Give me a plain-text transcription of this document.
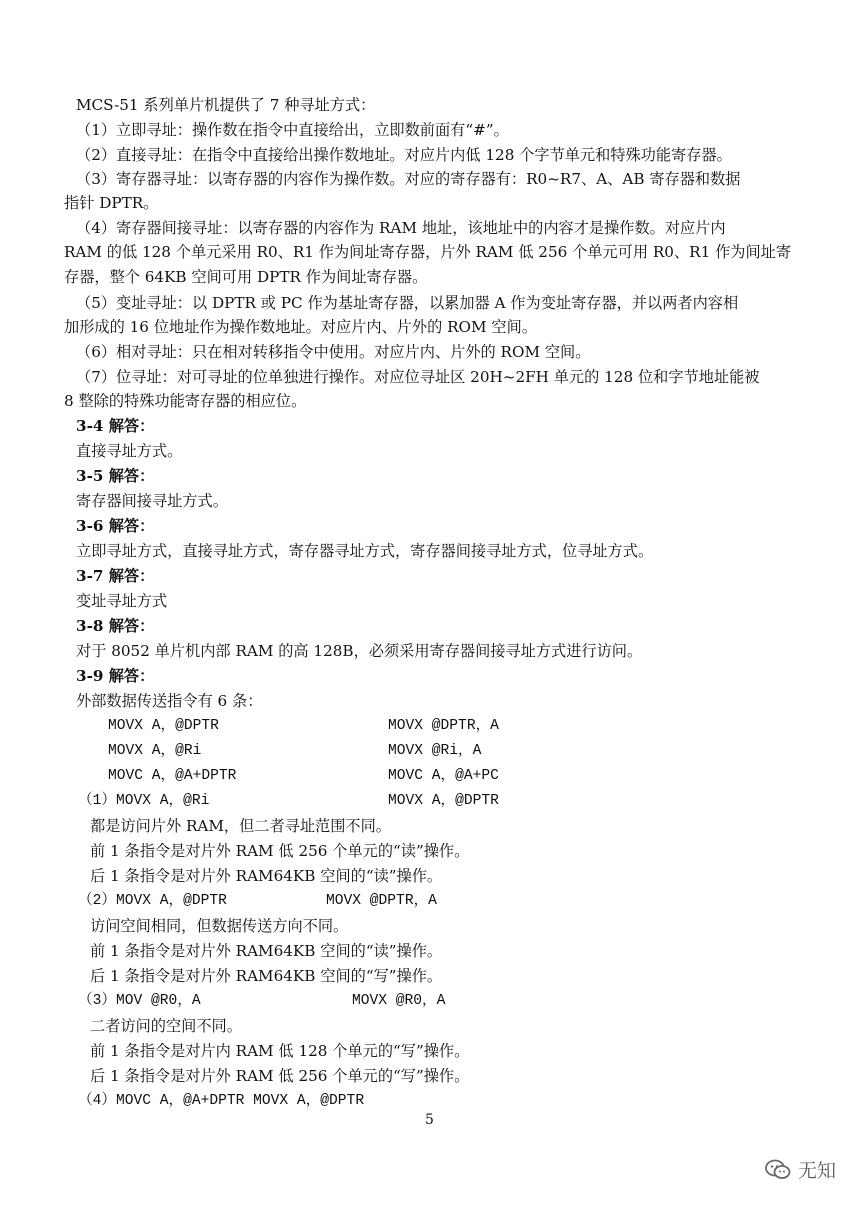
MCS-51 系列单片机提供了 7 种寻址方式：
（1）立即寻址：操作数在指令中直接给出，立即数前面有“#”。
（2）直接寻址：在指令中直接给出操作数地址。对应片内低 128 个字节单元和特殊功能寄存器。
（3）寄存器寻址：以寄存器的内容作为操作数。对应的寄存器有：R0~R7、A、AB 寄存器和数据
指针 DPTR。
（4）寄存器间接寻址：以寄存器的内容作为 RAM 地址，该地址中的内容才是操作数。对应片内
RAM 的低 128 个单元采用 R0、R1 作为间址寄存器，片外 RAM 低 256 个单元可用 R0、R1 作为间址寄
存器，整个 64KB 空间可用 DPTR 作为间址寄存器。
（5）变址寻址：以 DPTR 或 PC 作为基址寄存器，以累加器 A 作为变址寄存器，并以两者内容相
加形成的 16 位地址作为操作数地址。对应片内、片外的 ROM 空间。
（6）相对寻址：只在相对转移指令中使用。对应片内、片外的 ROM 空间。
（7）位寻址：对可寻址的位单独进行操作。对应位寻址区 20H~2FH 单元的 128 位和字节地址能被
8 整除的特殊功能寄存器的相应位。
3-4 解答：
直接寻址方式。
3-5 解答：
寄存器间接寻址方式。
3-6 解答：
立即寻址方式，直接寻址方式，寄存器寻址方式，寄存器间接寻址方式，位寻址方式。
3-7 解答：
变址寻址方式
3-8 解答：
对于 8052 单片机内部 RAM 的高 128B，必须采用寄存器间接寻址方式进行访问。
3-9 解答：
外部数据传送指令有 6 条：
MOVX A，@DPTR	MOVX @DPTR，A
MOVX A，@Ri	MOVX @Ri，A
MOVC A，@A+DPTR	MOVC A，@A+PC
（1）MOVX A，@Ri	MOVX A，@DPTR
都是访问片外 RAM，但二者寻址范围不同。
前 1 条指令是对片外 RAM 低 256 个单元的“读”操作。
后 1 条指令是对片外 RAM64KB 空间的“读”操作。
（2）MOVX A，@DPTR	MOVX @DPTR，A
访问空间相同，但数据传送方向不同。
前 1 条指令是对片外 RAM64KB 空间的“读”操作。
后 1 条指令是对片外 RAM64KB 空间的“写”操作。
（3）MOV @R0，A	MOVX @R0，A
二者访问的空间不同。
前 1 条指令是对片内 RAM 低 128 个单元的“写”操作。
后 1 条指令是对片外 RAM 低 256 个单元的“写”操作。
（4）MOVC A，@A+DPTR MOVX A，@DPTR
5
无知
